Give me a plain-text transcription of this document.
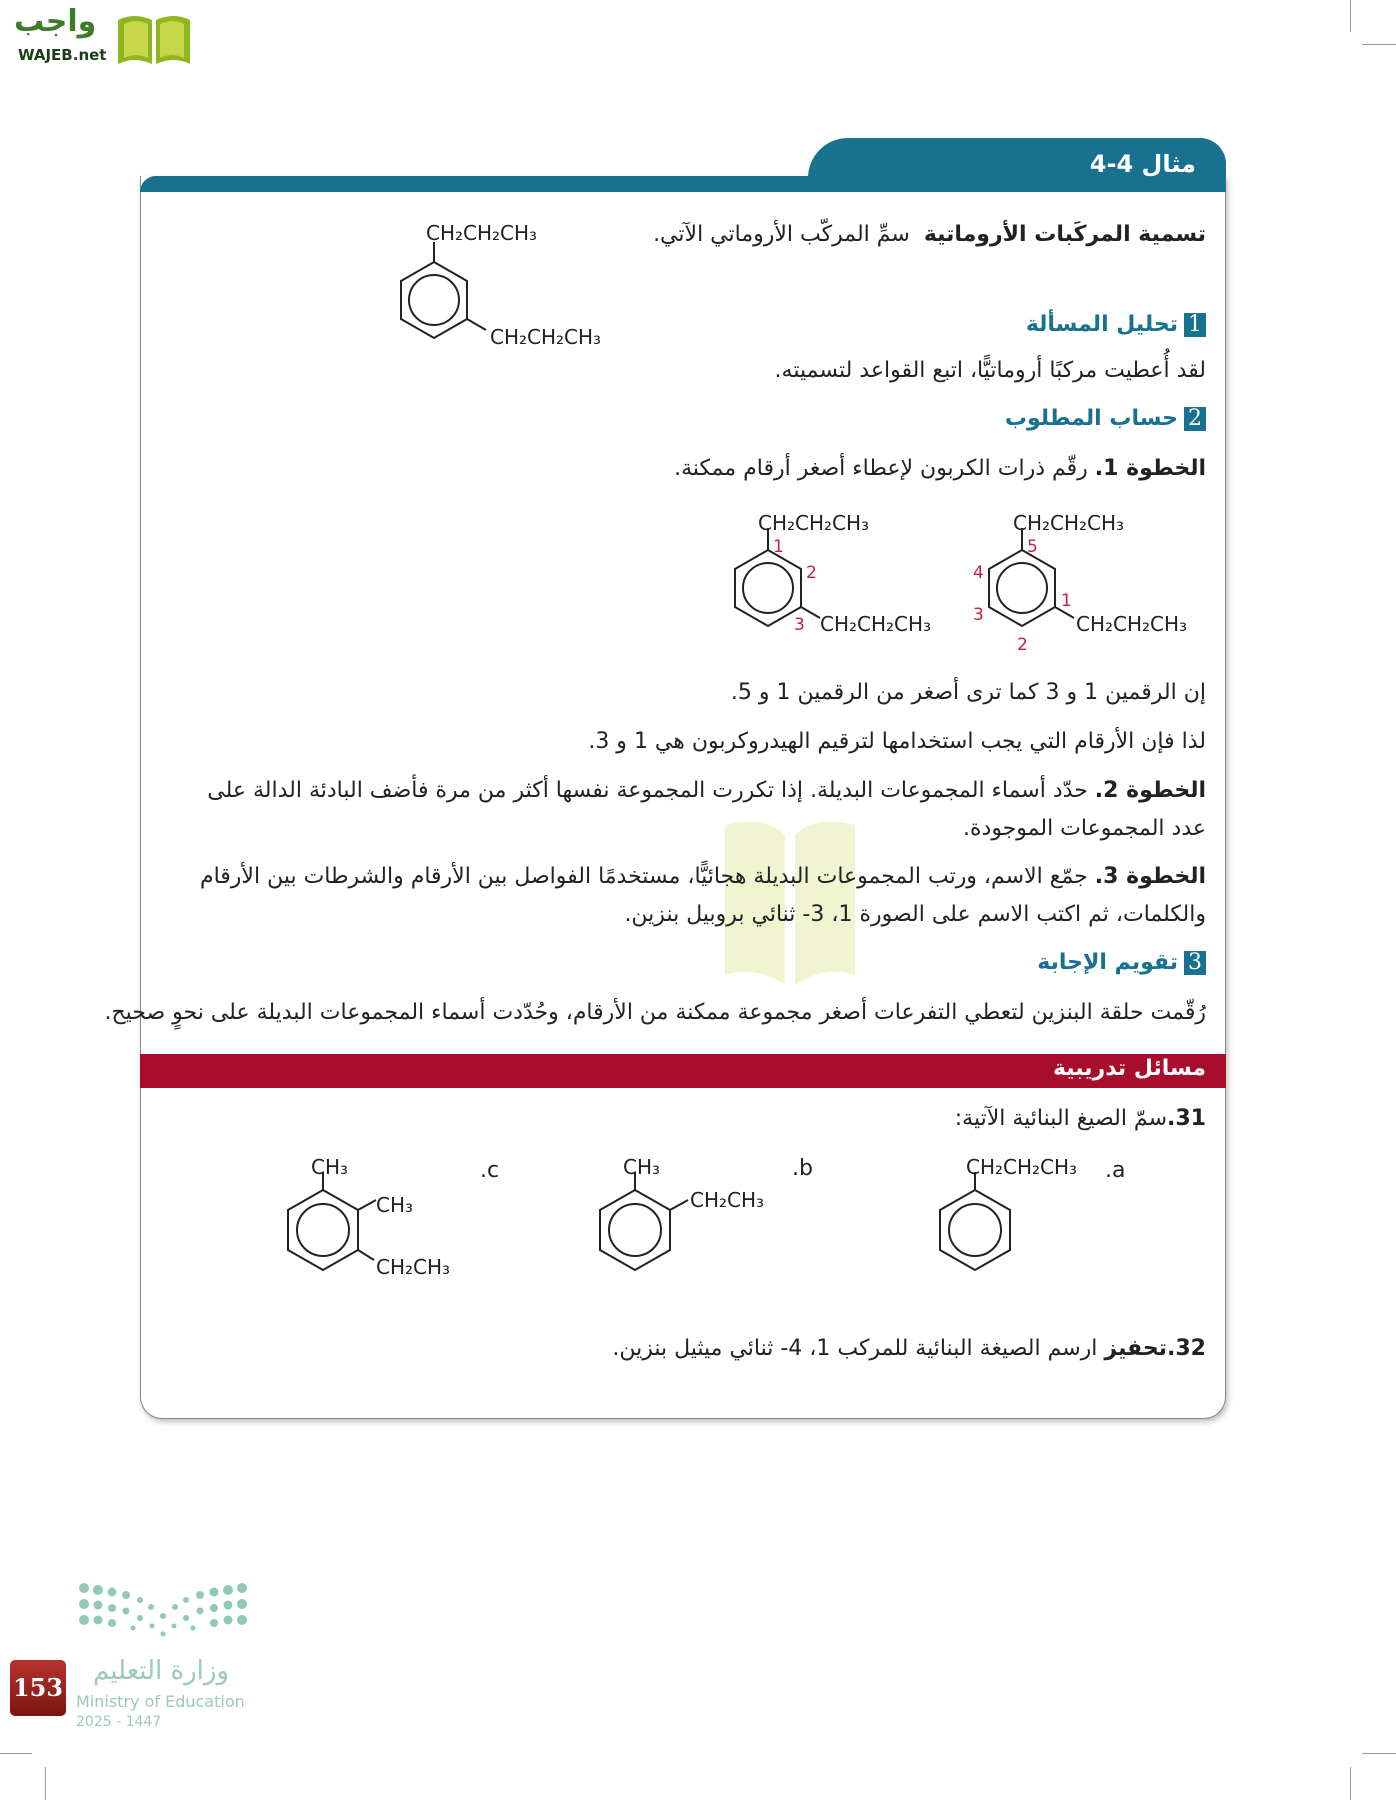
واجب
WAJEB.net
مثال 4-4
تسمية المركَبات الأروماتية  سمِّ المركّب الأروماتي الآتي.
CH₂CH₂CH₃
CH₂CH₂CH₃	1تحليل المسألة
لقد أُعطيت مركبًا أروماتيًّا، اتبع القواعد لتسميته.
2حساب المطلوب
الخطوة 1. رقّم ذرات الكربون لإعطاء أصغر أرقام ممكنة.
CH₂CH₂CH₃
CH₂CH₂CH₃
1
2
3
CH₂CH₂CH₃
CH₂CH₂CH₃
5
4
3
2
1
إن الرقمين 1 و 3 كما ترى أصغر من الرقمين 1 و 5.
لذا فإن الأرقام التي يجب استخدامها لترقيم الهيدروكربون هي 1 و 3.
الخطوة 2. حدّد أسماء المجموعات البديلة. إذا تكررت المجموعة نفسها أكثر من مرة فأضف البادئة الدالة على عدد المجموعات الموجودة.
الخطوة 3. جمّع الاسم، ورتب المجموعات البديلة هجائيًّا، مستخدمًا الفواصل بين الأرقام والشرطات بين الأرقام والكلمات، ثم اكتب الاسم على الصورة 1، 3- ثنائي بروبيل بنزين.
3تقويم الإجابة
رُقّمت حلقة البنزين لتعطي التفرعات أصغر مجموعة ممكنة من الأرقام، وحُدّدت أسماء المجموعات البديلة على نحوٍ صحيح.
مسائل تدريبية
31.سمّ الصيغ البنائية الآتية:
.a
CH₂CH₂CH₃
.b
CH₃
CH₂CH₃
.c
CH₃
CH₃
CH₂CH₃
32.تحفيز ارسم الصيغة البنائية للمركب 1، 4- ثنائي ميثيل بنزين.
وزارة التعليم
Ministry of Education
2025 - 1447
153
